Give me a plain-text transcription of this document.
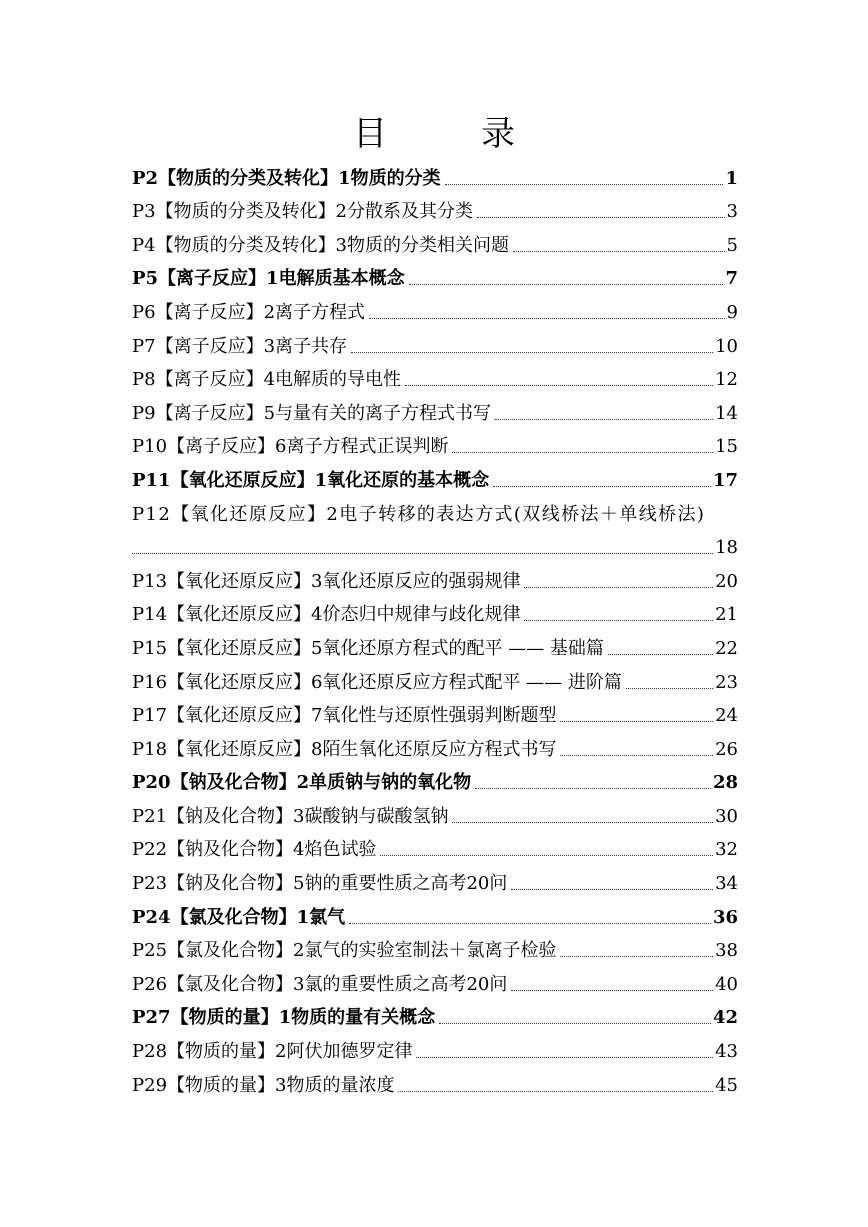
目　录
P2【物质的分类及转化】1物质的分类	1
P3【物质的分类及转化】2分散系及其分类	3
P4【物质的分类及转化】3物质的分类相关问题	5
P5【离子反应】1电解质基本概念	7
P6【离子反应】2离子方程式	9
P7【离子反应】3离子共存	10
P8【离子反应】4电解质的导电性	12
P9【离子反应】5与量有关的离子方程式书写	14
P10【离子反应】6离子方程式正误判断	15
P11【氧化还原反应】1氧化还原的基本概念	17
P12【氧化还原反应】2电子转移的表达方式(双线桥法＋单线桥法)
18
P13【氧化还原反应】3氧化还原反应的强弱规律	20
P14【氧化还原反应】4价态归中规律与歧化规律	21
P15【氧化还原反应】5氧化还原方程式的配平 —— 基础篇	22
P16【氧化还原反应】6氧化还原反应方程式配平 —— 进阶篇	23
P17【氧化还原反应】7氧化性与还原性强弱判断题型	24
P18【氧化还原反应】8陌生氧化还原反应方程式书写	26
P20【钠及化合物】2单质钠与钠的氧化物	28
P21【钠及化合物】3碳酸钠与碳酸氢钠	30
P22【钠及化合物】4焰色试验	32
P23【钠及化合物】5钠的重要性质之高考20问	34
P24【氯及化合物】1氯气	36
P25【氯及化合物】2氯气的实验室制法＋氯离子检验	38
P26【氯及化合物】3氯的重要性质之高考20问	40
P27【物质的量】1物质的量有关概念	42
P28【物质的量】2阿伏加德罗定律	43
P29【物质的量】3物质的量浓度	45
